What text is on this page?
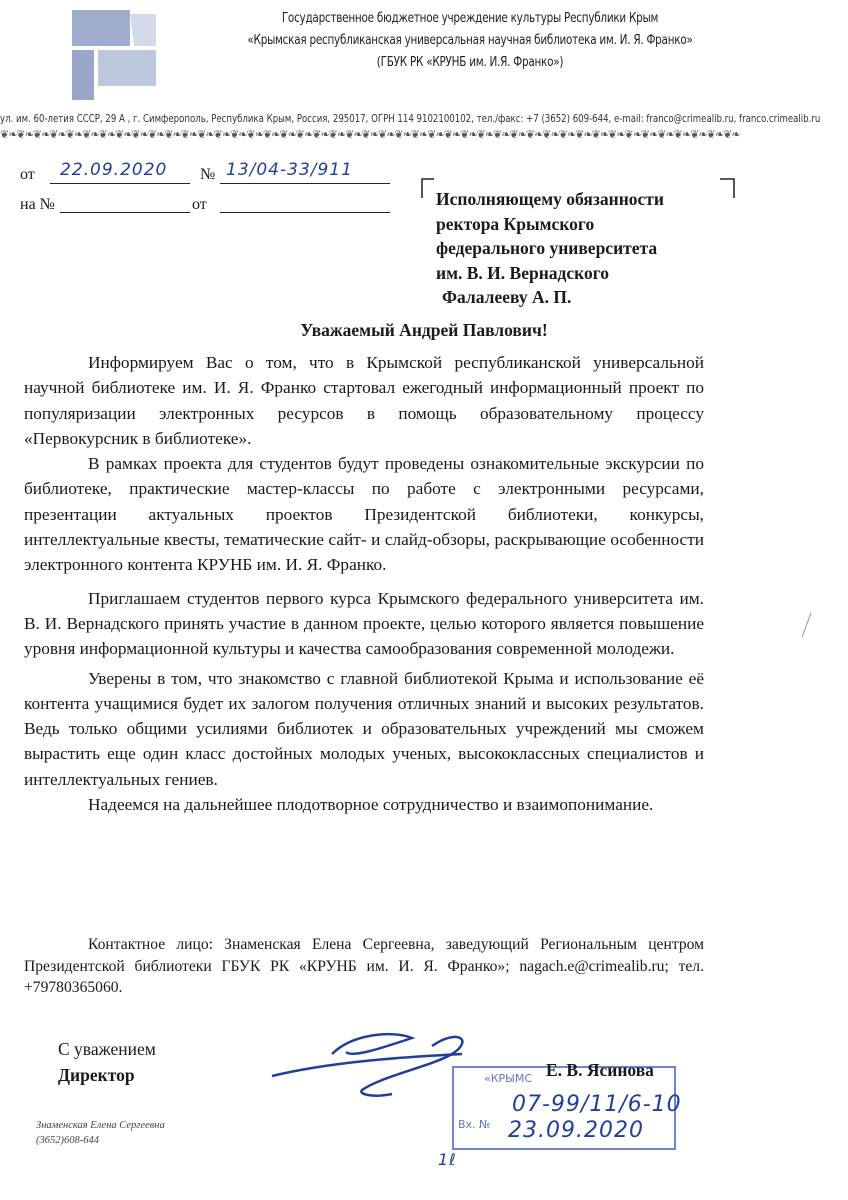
Государственное бюджетное учреждение культуры Республики Крым
«Крымская республиканская универсальная научная библиотека им. И. Я. Франко»
(ГБУК РК «КРУНБ им. И.Я. Франко»)
ул. им. 60-летия СССР, 29 А , г. Симферополь, Республика Крым, Россия, 295017, ОГРН 114 9102100102, тел./факс: +7 (3652) 609-644, e-mail: franco@crimealib.ru, franco.crimealib.ru
❦❧❦❧❦❧❦❧❦❧❦❧❦❧❦❧❦❧❦❧❦❧❦❧❦❧❦❧❦❧❦❧❦❧❦❧❦❧❦❧❦❧❦❧❦❧❦❧❦❧❦❧❦❧❦❧❦❧❦❧❦❧❦❧❦❧❦❧❦❧❦❧❦❧❦❧❦❧❦❧❦❧❦❧❦❧❦❧❦❧
от 22.09.2020 № 13/04-33/911
на №	от	Исполняющему обязанности
ректора Крымского
федерального университета
им. В. И. Вернадского
Фалалееву А. П.
Уважаемый Андрей Павлович!

Информируем Вас о том, что в Крымской республиканской универсальной научной библиотеке им. И. Я. Франко стартовал ежегодный информационный проект по популяризации электронных ресурсов в помощь образовательному процессу «Первокурсник в библиотеке».

В рамках проекта для студентов будут проведены ознакомительные экскурсии по библиотеке, практические мастер-классы по работе с электронными ресурсами, презентации актуальных проектов Президентской библиотеки, конкурсы, интеллектуальные квесты, тематические сайт- и слайд-обзоры, раскрывающие особенности электронного контента КРУНБ им. И. Я. Франко.

Приглашаем студентов первого курса Крымского федерального университета им. В. И. Вернадского принять участие в данном проекте, целью которого является повышение уровня информационной культуры и качества самообразования современной молодежи.

Уверены в том, что знакомство с главной библиотекой Крыма и использование её контента учащимися будет их залогом получения отличных знаний и высоких результатов. Ведь только общими усилиями библиотек и образовательных учреждений мы сможем вырастить еще один класс достойных молодых ученых, высококлассных специалистов и интеллектуальных гениев.

Надеемся на дальнейшее плодотворное сотрудничество и взаимопонимание.

Контактное лицо: Знаменская Елена Сергеевна, заведующий Региональным центром Президентской библиотеки ГБУК РК «КРУНБ им. И. Я. Франко»; nagach.e@crimealib.ru; тел. +79780365060.
С уважением
Директор	«КРЫМС
Вх. №
Е. В. Ясинова
07-99/11/6-10
23.09.2020
1ℓ
Знаменская Елена Сергеевна
(3652)608-644
